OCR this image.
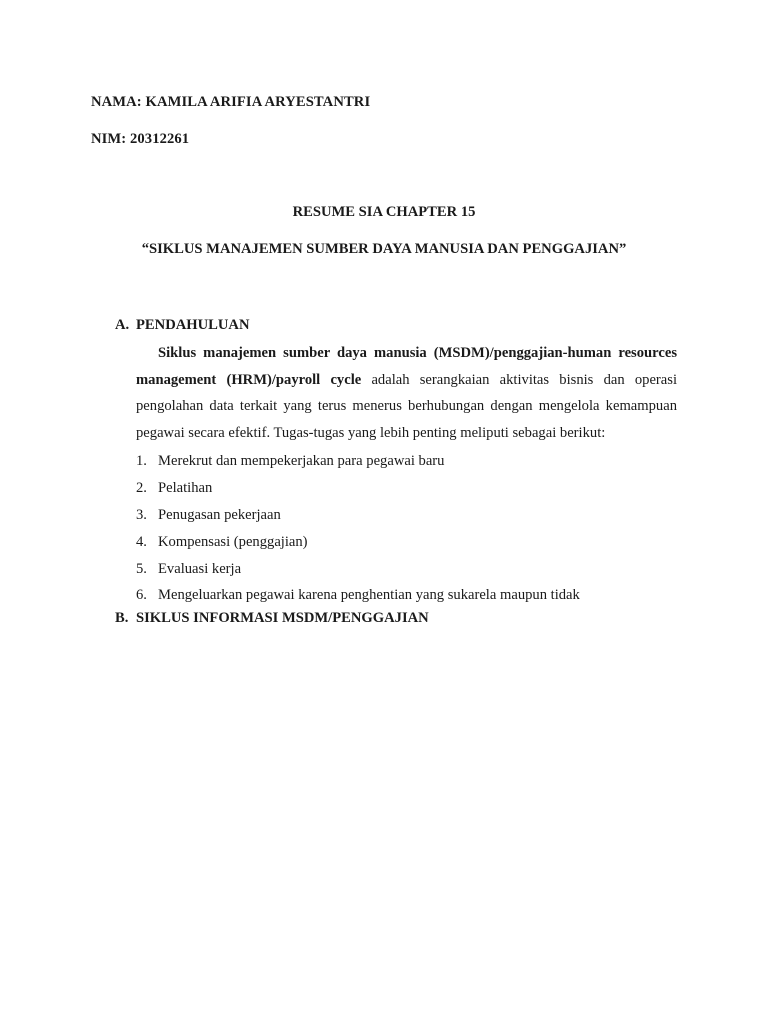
NAMA: KAMILA ARIFIA ARYESTANTRI
NIM: 20312261
RESUME SIA CHAPTER 15
“SIKLUS MANAJEMEN SUMBER DAYA MANUSIA DAN PENGGAJIAN”
A. PENDAHULUAN
Siklus manajemen sumber daya manusia (MSDM)/penggajian-human resources management (HRM)/payroll cycle adalah serangkaian aktivitas bisnis dan operasi pengolahan data terkait yang terus menerus berhubungan dengan mengelola kemampuan pegawai secara efektif. Tugas-tugas yang lebih penting meliputi sebagai berikut:
1. Merekrut dan mempekerjakan para pegawai baru
2. Pelatihan
3. Penugasan pekerjaan
4. Kompensasi (penggajian)
5. Evaluasi kerja
6. Mengeluarkan pegawai karena penghentian yang sukarela maupun tidak
B. SIKLUS INFORMASI MSDM/PENGGAJIAN
